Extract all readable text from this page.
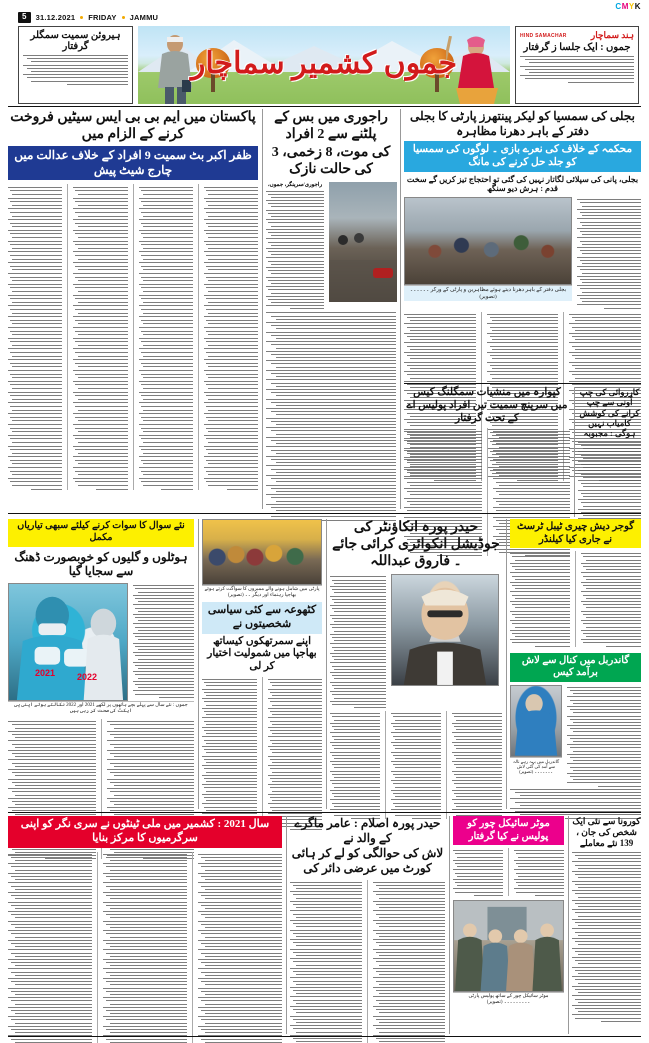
CMYK
5	31.12.2021 FRIDAY JAMMU
ہیروئن سمیت سمگلر گرفتار
جموں کشمیر سماچار
HIND SAMACHAR	ہند سماچار
جموں : ایک جلسا ز گرفتار
پاکستان میں ایم بی بی ایس سیٹیں فروخت کرنے کے الزام میں
ظفر اکبر بٹ سمیت 9 افراد کے خلاف عدالت میں چارج شیٹ پیش
راجوری میں بس کے پلٹنے سے 2 افراد
کی موت، 8 زخمی، 3 کی حالت نازک
راجوری/سرینگر، جموں،
بجلی کی سمسیا کو لیکر پینتھرز پارٹی کا بجلی دفتر کے باہر دھرنا مظاہرہ
محکمہ کے خلاف کی نعرے بازی ۔ لوگوں کی سمسیا کو جلد حل کرنے کی مانگ
بجلی، پانی کی سپلائی لگاتار نہیں کی گئی تو احتجاج تیز کریں گے سخت قدم : ہرش دیو سنگھ
بجلی دفتر کے باہر دھرنا دیتے ہوئے مظاہرین و پارٹی کے ورکر ۔۔۔۔۔۔ (تصویر)
کپوارہ میں منشیات سمگلنگ کیس میں سرپنچ سمیت تین افراد پولیس اے کے تحت گرفتار
کارروائی کی چپ اُونی سے چپ کرانے کی کوشش کامیاب نہیں ہوگی : مجبوبہ
نئے سوال کا سوات کرنے کیلئے سبھی تیاریاں مکمل
ہوٹلوں و گلیوں کو خوبصورت ڈھنگ سے سجایا گیا
2021 2022
جموں : نئے سال سے پہلے بچے ہاتھوں پر لکھے 2021 اور 2022 نکالتے ہوئے اپنی پی ایکٹ کی صحت کر رہی ہیں
پارٹی میں شامل ہونے والے ممبروں کا سواگت کرتے ہوئے بھاجپا رہنماء اور دیگر ۔۔ (تصویر)
کٹھوعہ سے کئی سیاسی شخصیتوں نے
اپنے سمرتھکوں کیساتھ بھاجپا میں شمولیت اختیار کر لی
حیدر پورہ انکاؤنٹر کی جوڈیشل انکوائری کرائی جائے ۔ فاروق عبداللہ
گوجر دیش چیری ٹیبل ٹرسٹ نے جاری کیا کیلنڈر
گاندربل میں کنال سے لاش برآمد کیس
گاندربل میں بہہ رہے نالہ سے آمد کی گئی لاش ۔۔۔۔۔۔۔ (تصویر)
سال 2021 : کشمیر میں ملی ٹینٹوں نے سری نگر کو اپنی سرگرمیوں کا مرکز بنایا
حیدر پورہ اصلام : عامر ماگرے کے والد نے
لاش کی حوالگی کو لے کر ہائی کورٹ میں عرضی دائر کی
موٹر سائیکل چور کو پولیس نے کیا گرفتار
موٹر سائیکل چور کے ساتھ پولیس پارٹی ۔۔۔۔۔۔۔۔۔ (تصویر)
کورونا سے نئی ایک شخص کی جان ، 139 نئے معاملے
